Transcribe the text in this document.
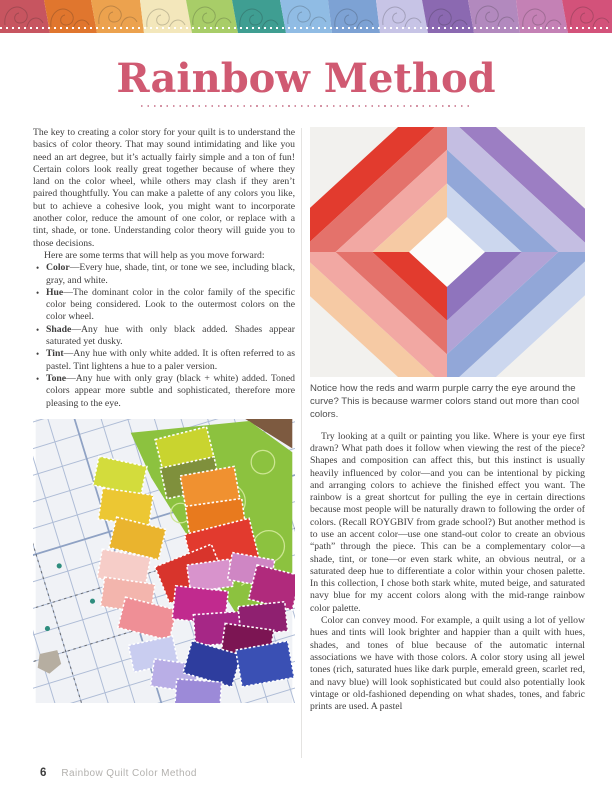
Rainbow Method

The key to creating a color story for your quilt is to understand the basics of color theory. That may sound intimidating and like you need an art degree, but it’s actually fairly simple and a ton of fun! Certain colors look really great together because of where they land on the color wheel, while others may clash if they aren’t paired thoughtfully. You can make a palette of any colors you like, but to achieve a cohesive look, you might want to incorporate another color, reduce the amount of one color, or replace with a tint, shade, or tone. Understanding color theory will guide you to those decisions.

Here are some terms that will help as you move forward:

• Color—Every hue, shade, tint, or tone we see, including black, gray, and white.
• Hue—The dominant color in the color family of the specific color being considered. Look to the outermost colors on the color wheel.
• Shade—Any hue with only black added. Shades appear saturated yet dusky.
• Tint—Any hue with only white added. It is often referred to as pastel. Tint lightens a hue to a paler version.
• Tone—Any hue with only gray (black + white) added. Toned colors appear more subtle and sophisticated, therefore more pleasing to the eye.

Notice how the reds and warm purple carry the eye around the curve? This is because warmer colors stand out more than cool colors.

Try looking at a quilt or painting you like. Where is your eye first drawn? What path does it follow when viewing the rest of the piece? Shapes and composition can affect this, but this instinct is usually heavily influenced by color—and you can be intentional by picking and arranging colors to achieve the finished effect you want. The rainbow is a great shortcut for pulling the eye in certain directions because most people will be naturally drawn to following the order of colors. (Recall ROYGBIV from grade school?) But another method is to use an accent color—use one stand-out color to create an obvious “path” through the piece. This can be a complementary color—a shade, tint, or tone—or even stark white, an obvious neutral, or a saturated deep hue to differentiate a color within your chosen palette. In this collection, I chose both stark white, muted beige, and saturated navy blue for my accent colors along with the mid-range rainbow color palette.

Color can convey mood. For example, a quilt using a lot of yellow hues and tints will look brighter and happier than a quilt with hues, shades, and tones of blue because of the automatic internal associations we have with those colors. A color story using all jewel tones (rich, saturated hues like dark purple, emerald green, scarlet red, and navy blue) will look sophisticated but could also potentially look vintage or old-fashioned depending on what shades, tones, and fabric prints are used. A pastel

6 Rainbow Quilt Color Method
